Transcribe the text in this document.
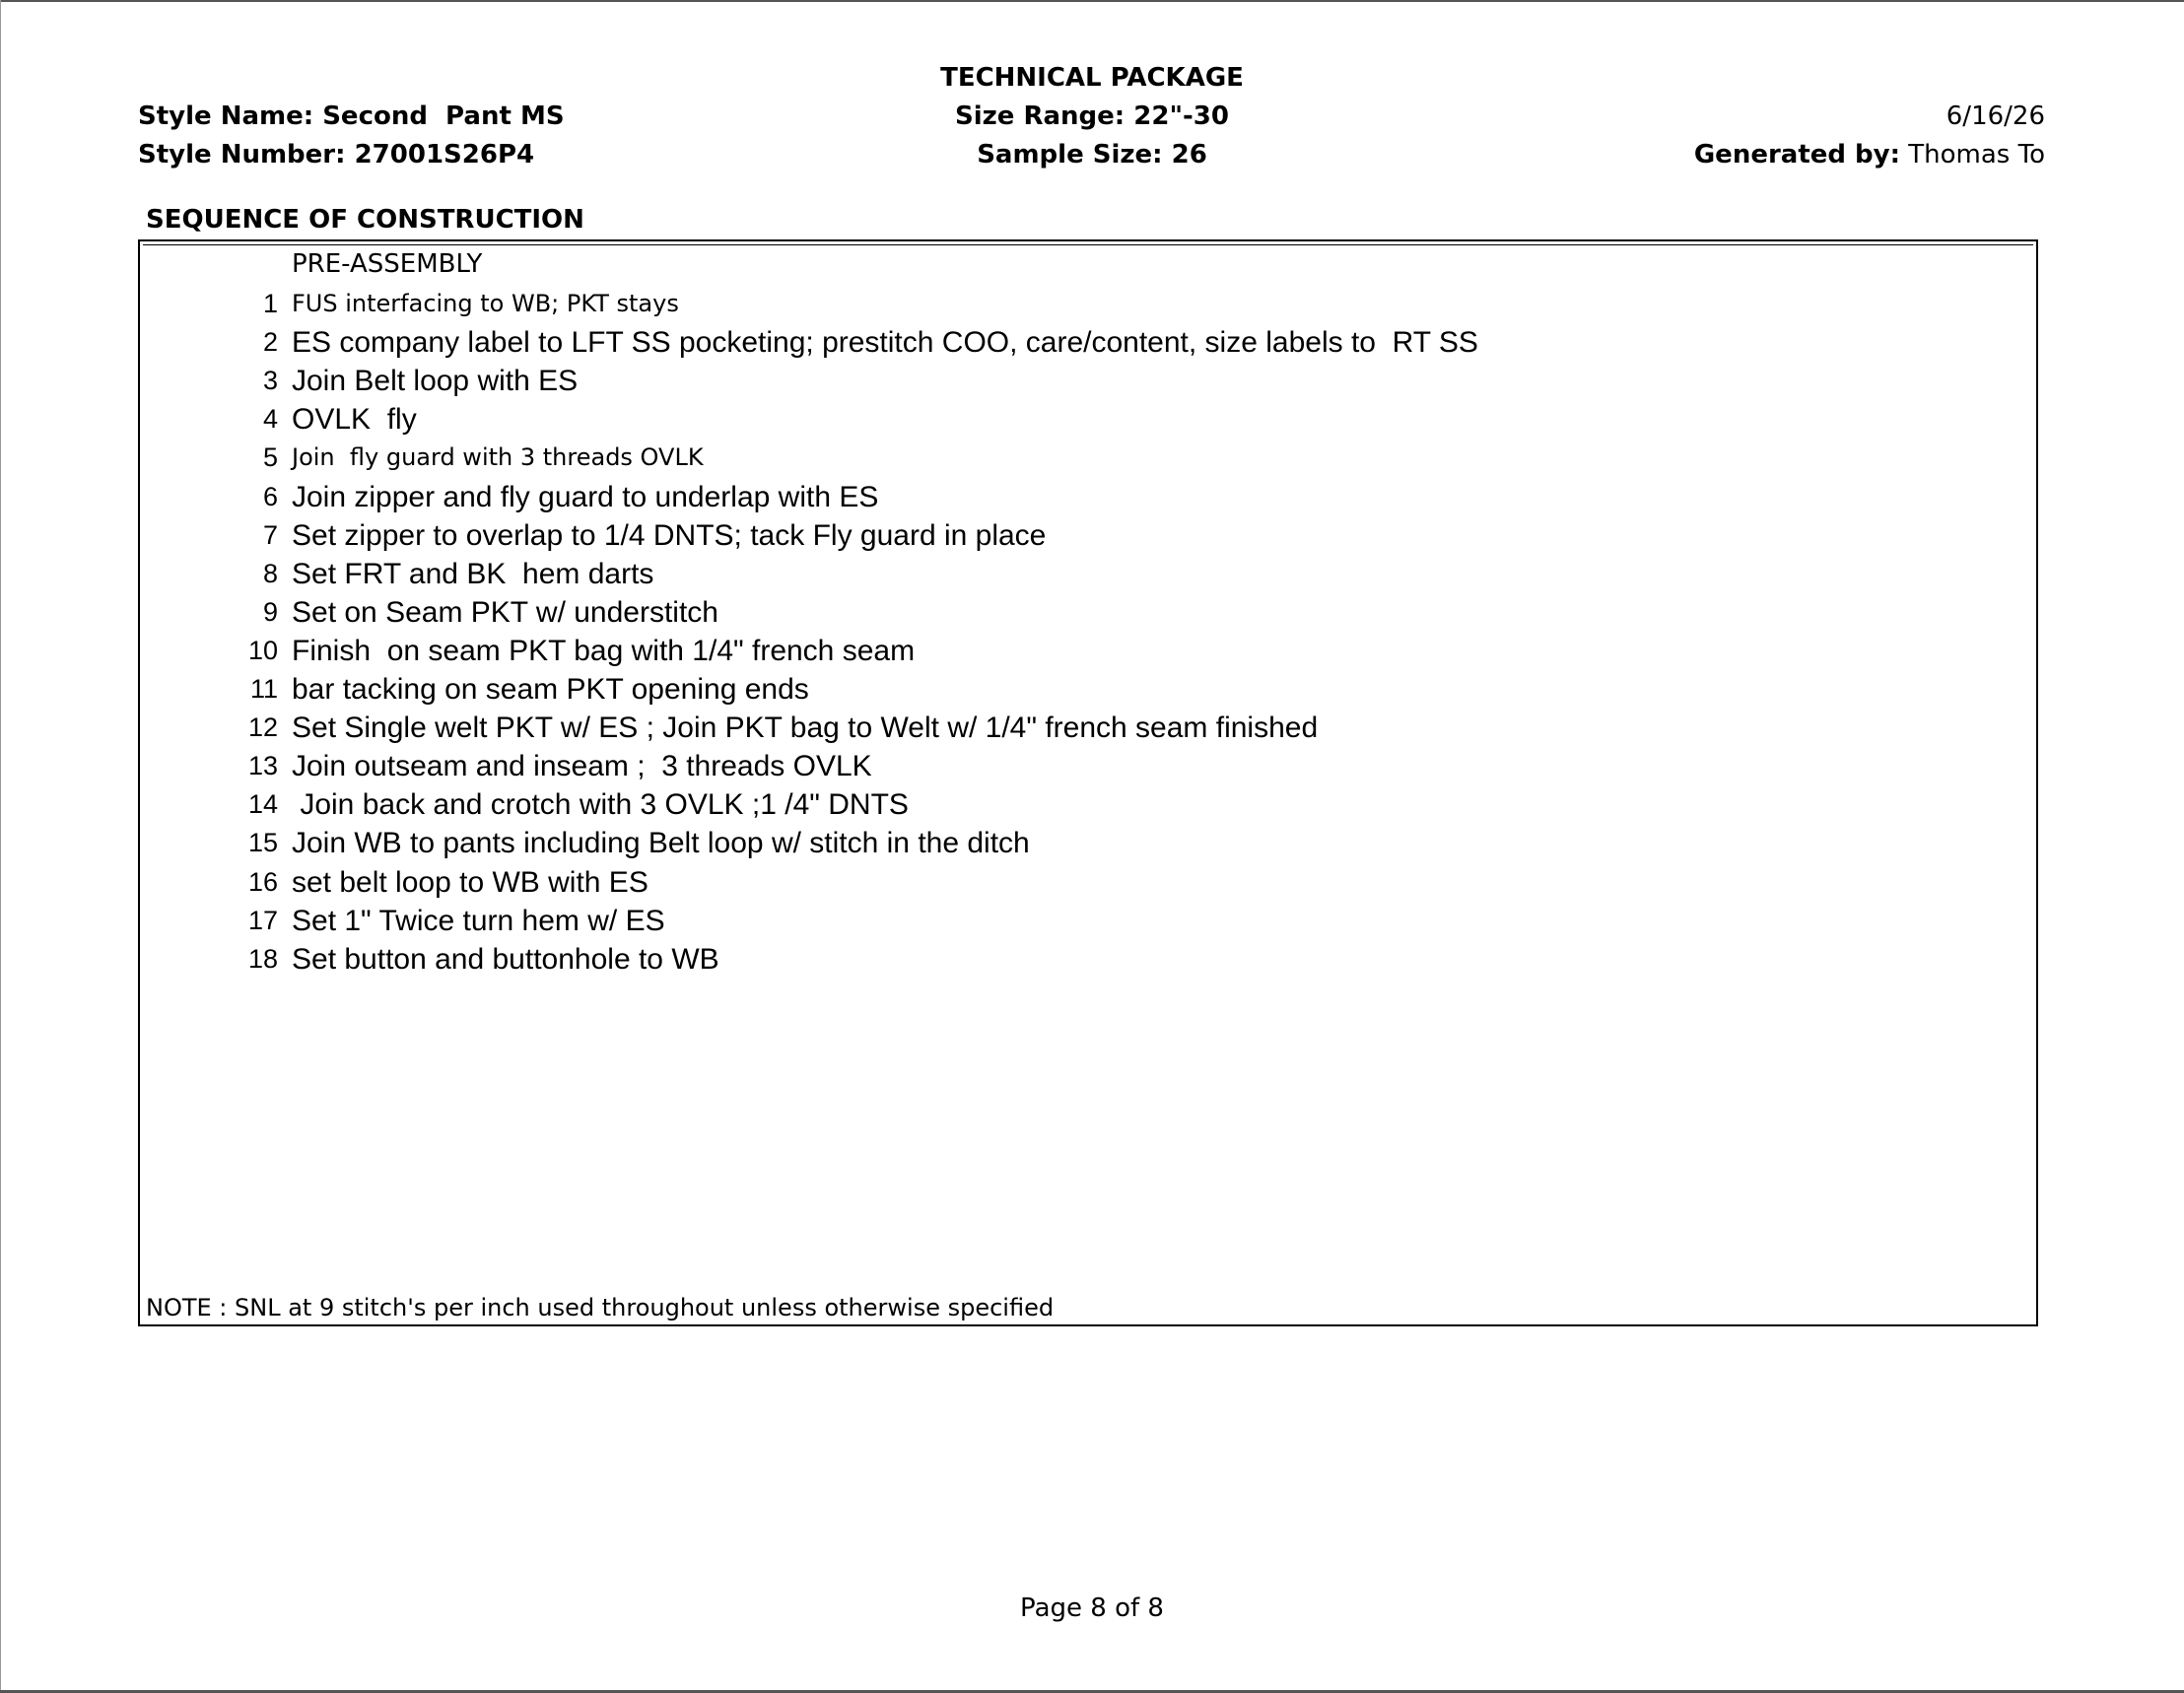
Style Name: Second  Pant MS
Style Number: 27001S26P4
TECHNICAL PACKAGE
Size Range: 22"-30
Sample Size: 26
6/16/26
Generated by: Thomas To
SEQUENCE OF CONSTRUCTION
PRE-ASSEMBLY
1 FUS interfacing to WB; PKT stays
2 ES company label to LFT SS pocketing; prestitch COO, care/content, size labels to  RT SS
3 Join Belt loop with ES
4 OVLK  fly
5 Join  fly guard with 3 threads OVLK
6 Join zipper and fly guard to underlap with ES
7 Set zipper to overlap to 1/4 DNTS; tack Fly guard in place
8 Set FRT and BK  hem darts
9 Set on Seam PKT w/ understitch
10 Finish  on seam PKT bag with 1/4" french seam
11 bar tacking on seam PKT opening ends
12 Set Single welt PKT w/ ES ; Join PKT bag to Welt w/ 1/4" french seam finished
13 Join outseam and inseam ;  3 threads OVLK
14 Join back and crotch with 3 OVLK ;1 /4" DNTS
15 Join WB to pants including Belt loop w/ stitch in the ditch
16 set belt loop to WB with ES
17 Set 1" Twice turn hem w/ ES
18 Set button and buttonhole to WB
NOTE : SNL at 9 stitch's per inch used throughout unless otherwise specified
Page 8 of 8
